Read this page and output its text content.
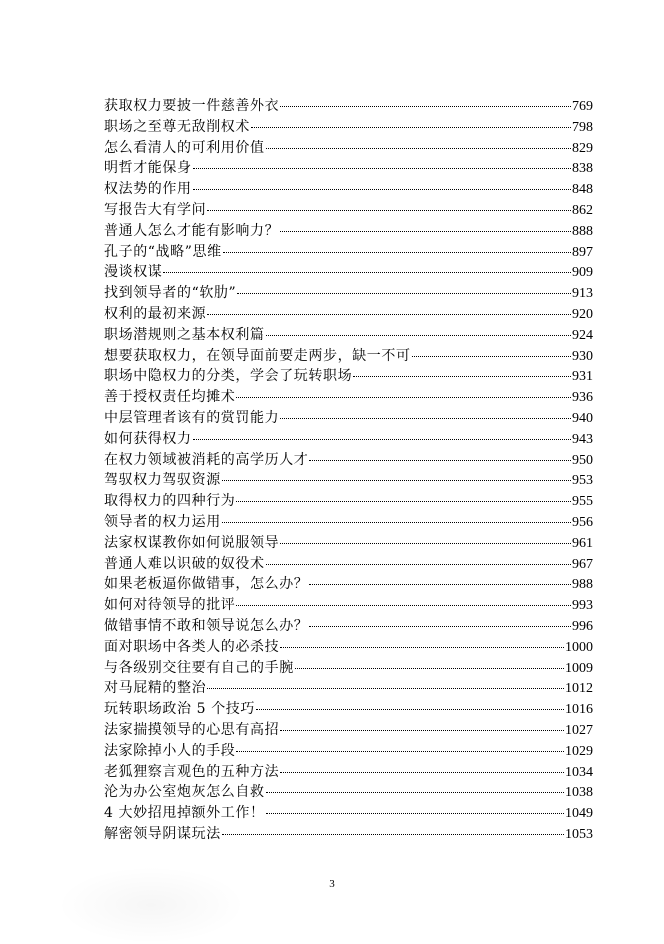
获取权力要披一件慈善外衣	769
职场之至尊无敌削权术	798
怎么看清人的可利用价值	829
明哲才能保身	838
权法势的作用	848
写报告大有学问	862
普通人怎么才能有影响力？	888
孔子的“战略”思维	897
漫谈权谋	909
找到领导者的“软肋”	913
权利的最初来源	920
职场潜规则之基本权利篇	924
想要获取权力，在领导面前要走两步，缺一不可	930
职场中隐权力的分类，学会了玩转职场	931
善于授权责任均摊术	936
中层管理者该有的赏罚能力	940
如何获得权力	943
在权力领域被消耗的高学历人才	950
驾驭权力驾驭资源	953
取得权力的四种行为	955
领导者的权力运用	956
法家权谋教你如何说服领导	961
普通人难以识破的奴役术	967
如果老板逼你做错事，怎么办？	988
如何对待领导的批评	993
做错事情不敢和领导说怎么办？	996
面对职场中各类人的必杀技	1000
与各级别交往要有自己的手腕	1009
对马屁精的整治	1012
玩转职场政治 5 个技巧	1016
法家揣摸领导的心思有高招	1027
法家除掉小人的手段	1029
老狐狸察言观色的五种方法	1034
沦为办公室炮灰怎么自救	1038
4 大妙招甩掉额外工作！	1049
解密领导阴谋玩法	1053
3
